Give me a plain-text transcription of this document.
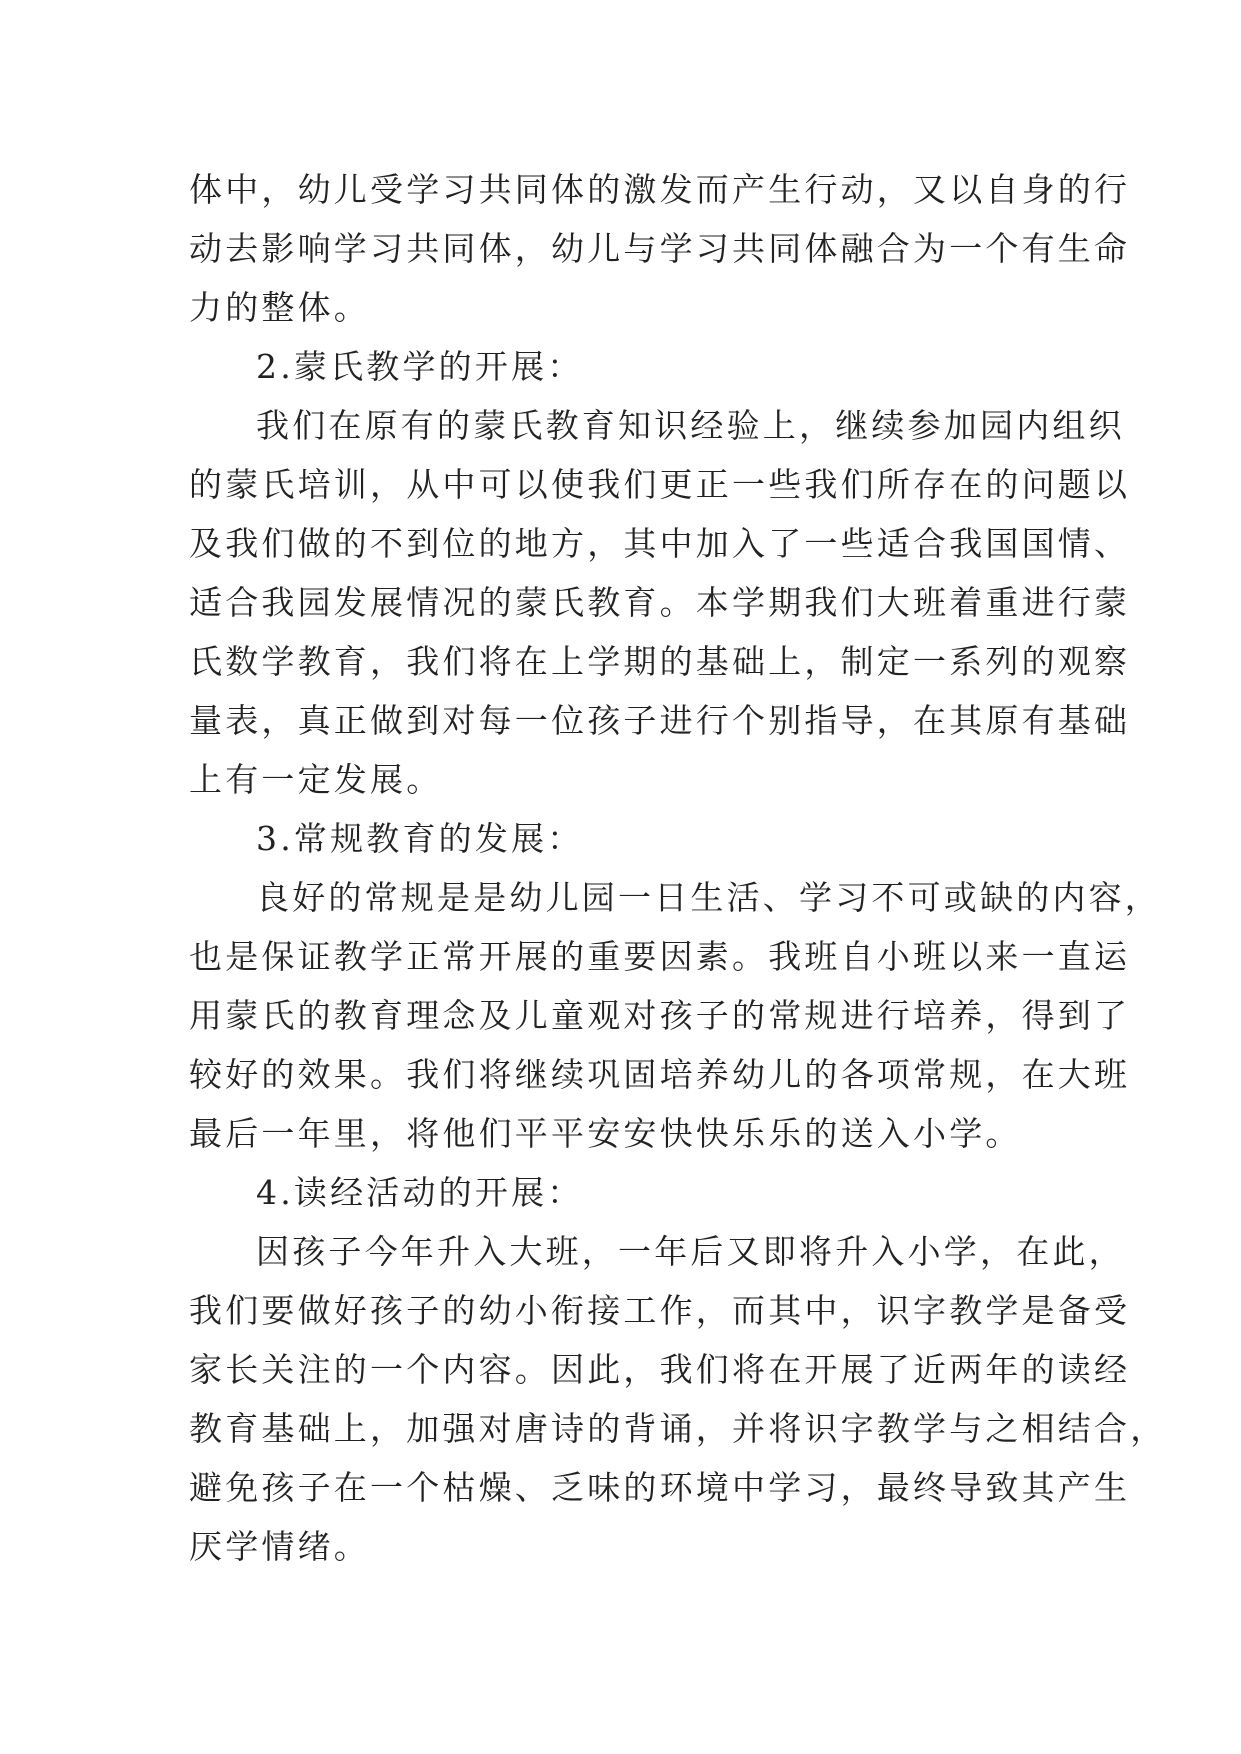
体中，幼儿受学习共同体的激发而产生行动，又以自身的行
动去影响学习共同体，幼儿与学习共同体融合为一个有生命
力的整体。
2.蒙氏教学的开展：
我们在原有的蒙氏教育知识经验上，继续参加园内组织
的蒙氏培训，从中可以使我们更正一些我们所存在的问题以
及我们做的不到位的地方，其中加入了一些适合我国国情、
适合我园发展情况的蒙氏教育。本学期我们大班着重进行蒙
氏数学教育，我们将在上学期的基础上，制定一系列的观察
量表，真正做到对每一位孩子进行个别指导，在其原有基础
上有一定发展。
3.常规教育的发展：
良好的常规是是幼儿园一日生活、学习不可或缺的内容，
也是保证教学正常开展的重要因素。我班自小班以来一直运
用蒙氏的教育理念及儿童观对孩子的常规进行培养，得到了
较好的效果。我们将继续巩固培养幼儿的各项常规，在大班
最后一年里，将他们平平安安快快乐乐的送入小学。
4.读经活动的开展：
因孩子今年升入大班，一年后又即将升入小学，在此，
我们要做好孩子的幼小衔接工作，而其中，识字教学是备受
家长关注的一个内容。因此，我们将在开展了近两年的读经
教育基础上，加强对唐诗的背诵，并将识字教学与之相结合，
避免孩子在一个枯燥、乏味的环境中学习，最终导致其产生
厌学情绪。
